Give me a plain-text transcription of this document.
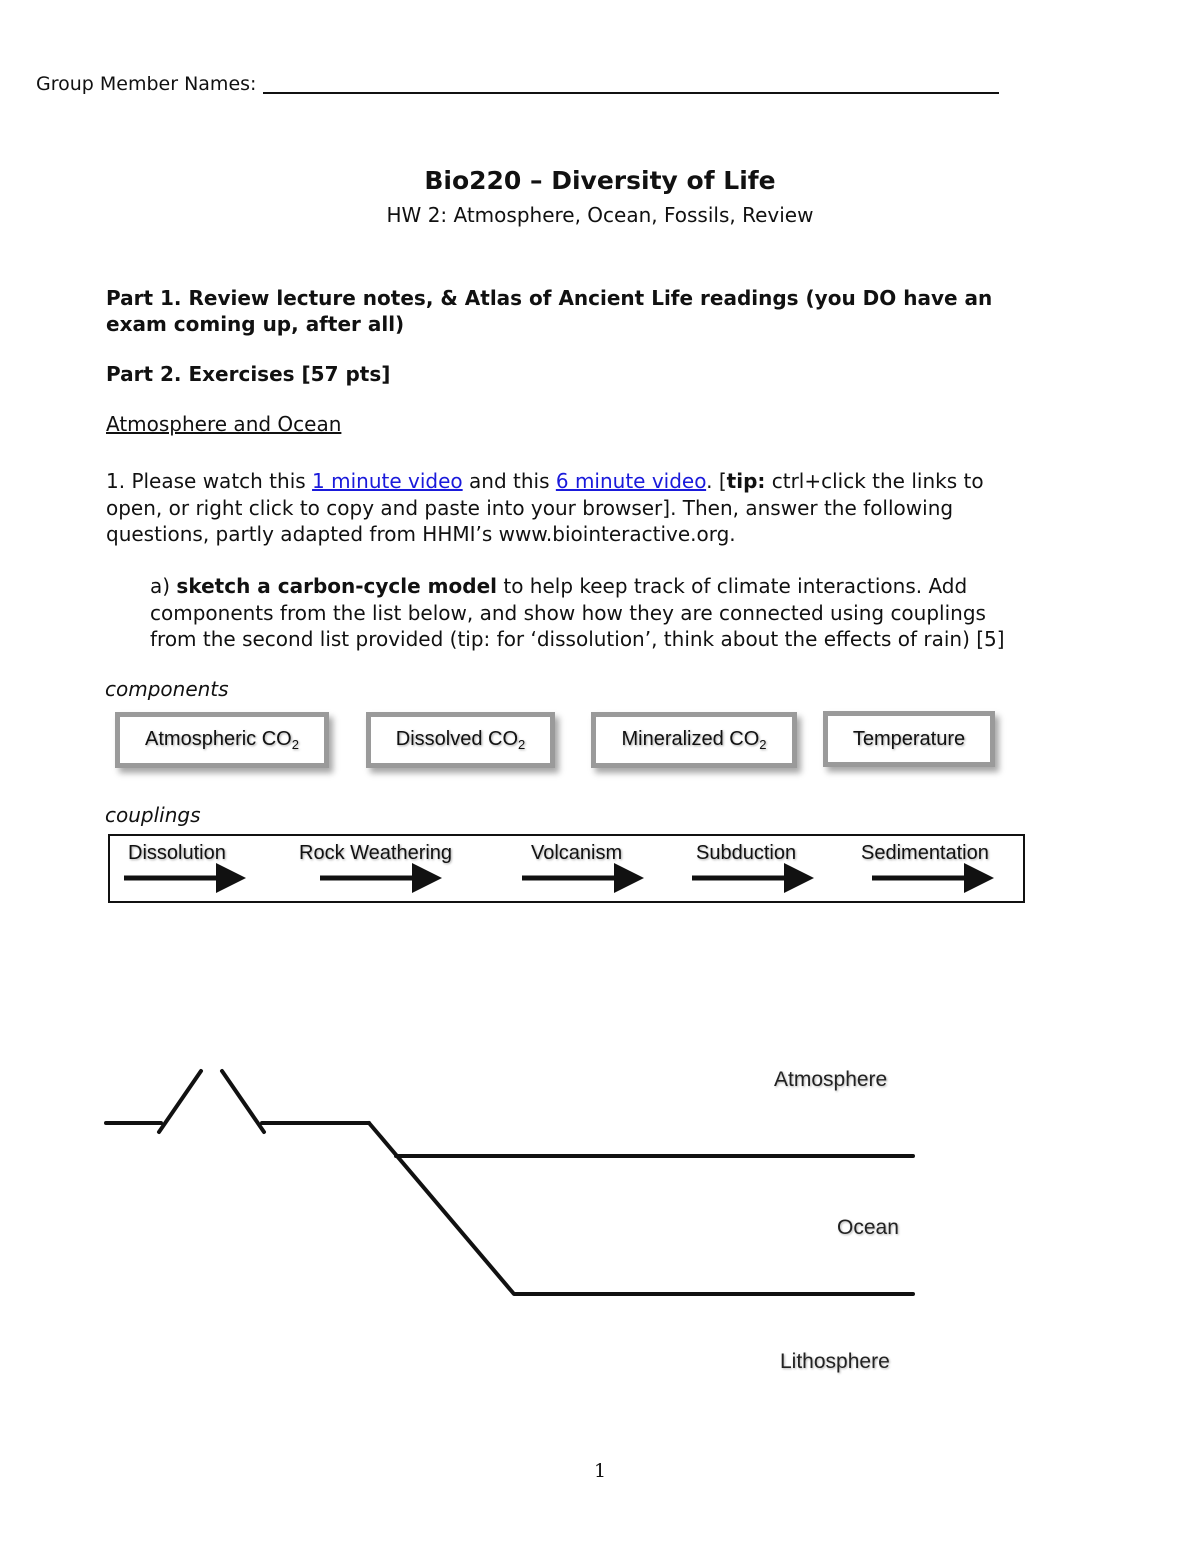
Group Member Names:
Bio220 – Diversity of Life
HW 2: Atmosphere, Ocean, Fossils, Review
Part 1. Review lecture notes, & Atlas of Ancient Life readings (you DO have an
exam coming up, after all)
Part 2. Exercises [57 pts]
Atmosphere and Ocean
1. Please watch this 1 minute video and this 6 minute video. [tip: ctrl+click the links to
open, or right click to copy and paste into your browser]. Then, answer the following
questions, partly adapted from HHMI’s www.biointeractive.org.
a) sketch a carbon-cycle model to help keep track of climate interactions. Add
components from the list below, and show how they are connected using couplings
from the second list provided (tip: for ‘dissolution’, think about the effects of rain) [5]
components
Atmospheric $CO_2$	Dissolved $CO_2$	Mineralized $CO_2$	Temperature
couplings
Dissolution	Rock Weathering	Volcanism	Subduction	Sedimentation
Atmosphere
Ocean
Lithosphere
1
